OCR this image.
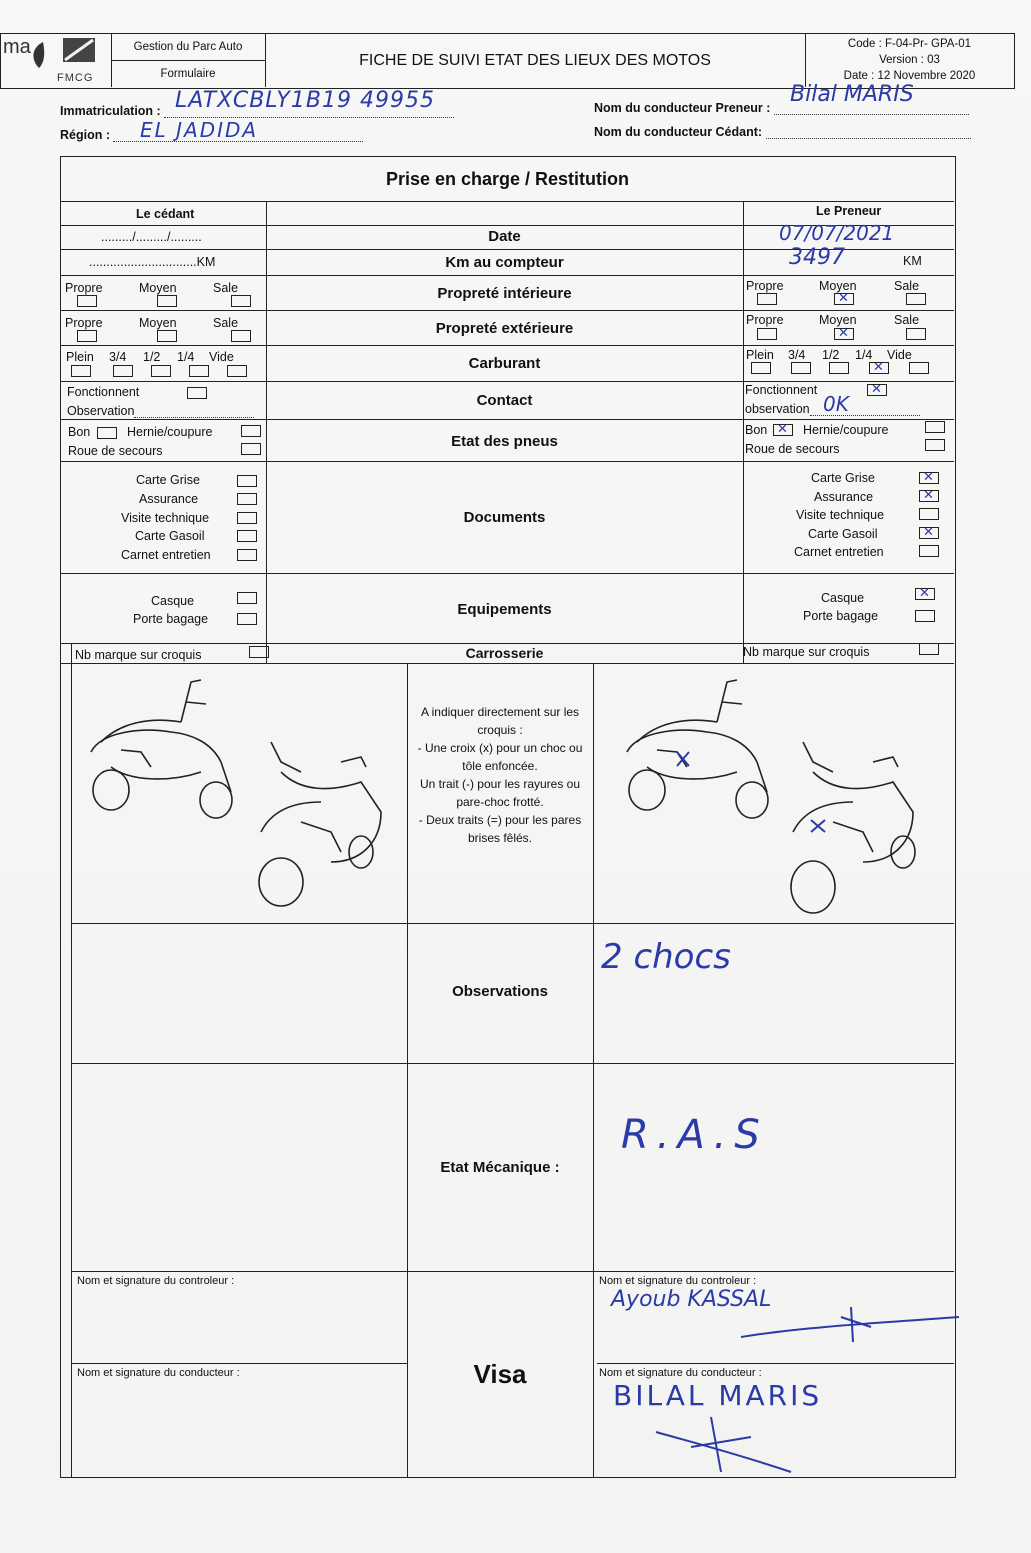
ma
FMCG
Gestion du Parc Auto
Formulaire
FICHE DE SUIVI ETAT DES LIEUX DES MOTOS
Code : F-04-Pr- GPA-01
Version : 03
Date : 12 Novembre 2020
Immatriculation : LATXCBLY1B19 49955
Région :	EL JADIDA
Nom du conducteur Preneur :
Bilal MARIS
Nom du conducteur Cédant:
Prise en charge / Restitution
Le cédant	Le Preneur
........./........./.........	Date	07/07/2021
...............................KM	Km au compteur	3497	KM
Propre	Moyen	Sale	Propreté intérieure	Propre	Moyen	Sale
✕
Propre	Moyen	Sale	Propreté extérieure	Propre	Moyen	Sale
✕
Plein 3/4 1/2 1/4 Vide	Carburant	Plein 3/4 1/2 1/4 Vide
✕
Fonctionnent
Observation
Contact
Fonctionnent
✕
observation 0K
Bon	Hernie/coupure
Roue de secours
Etat des pneus
Bon
✕	Hernie/coupure
Roue de secours
Carte Grise
Assurance
Visite technique
Carte Gasoil
Carnet entretien
Documents
Carte Grise
Assurance
Visite technique
Carte Gasoil
Carnet entretien
✕
✕
✕
Casque
Porte bagage
Equipements
Casque
Porte bagage
✕
Nb marque sur croquis	Carrosserie	Nb marque sur croquis
A indiquer directement sur les croquis :
- Une croix (x) pour un choc ou tôle enfoncée.
Un trait (-) pour les rayures ou pare-choc frotté.
- Deux traits (=) pour les pares brises fêlés.
Observations
2 chocs
Etat Mécanique :
R.A.S
Nom et signature du controleur :	Nom et signature du controleur :
Ayoub KASSAL
Nom et signature du conducteur :	Nom et signature du conducteur :
BILAL MARIS
Visa
